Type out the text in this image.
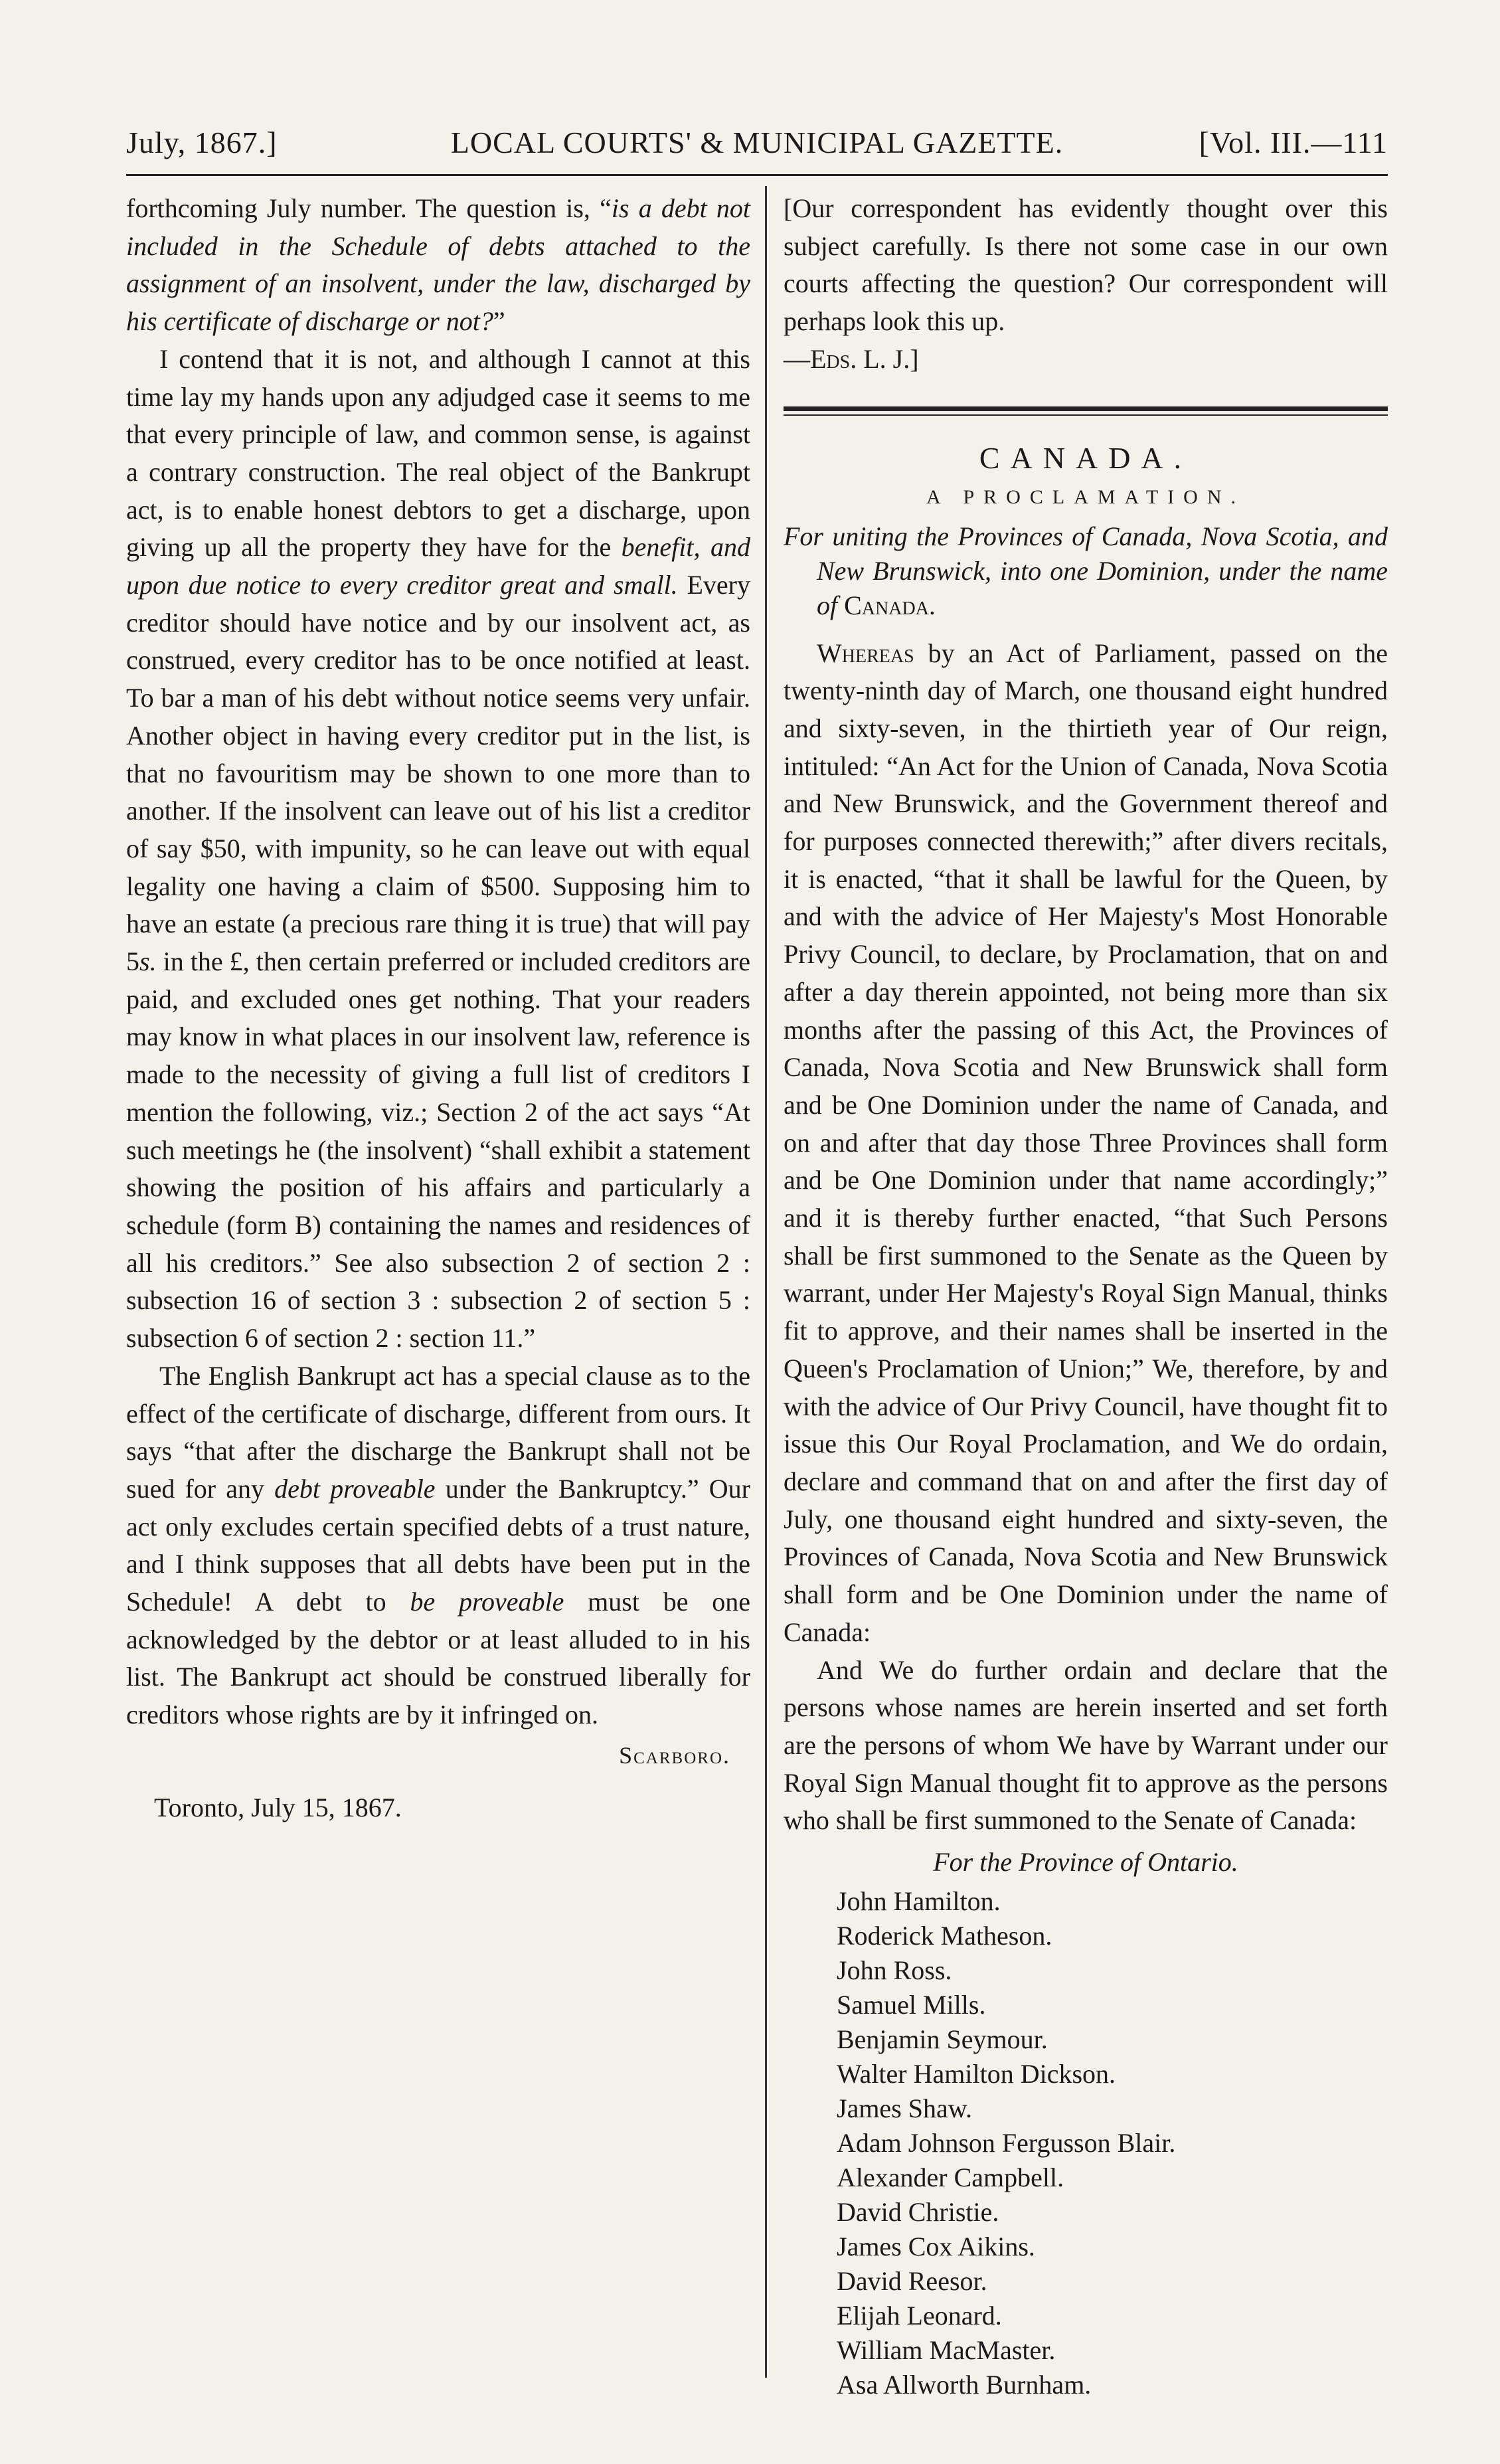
July, 1867.]	LOCAL COURTS' & MUNICIPAL GAZETTE.	[Vol. III.—111

forthcoming July number. The question is, “is a debt not included in the Schedule of debts attached to the assignment of an insolvent, under the law, discharged by his certificate of discharge or not?”

I contend that it is not, and although I cannot at this time lay my hands upon any adjudged case it seems to me that every principle of law, and common sense, is against a contrary construction. The real object of the Bankrupt act, is to enable honest debtors to get a discharge, upon giving up all the property they have for the benefit, and upon due notice to every creditor great and small. Every creditor should have notice and by our insolvent act, as construed, every creditor has to be once notified at least. To bar a man of his debt without notice seems very unfair. Another object in having every creditor put in the list, is that no favouritism may be shown to one more than to another. If the insolvent can leave out of his list a creditor of say $50, with impunity, so he can leave out with equal legality one having a claim of $500. Supposing him to have an estate (a precious rare thing it is true) that will pay 5s. in the £, then certain preferred or included creditors are paid, and excluded ones get nothing. That your readers may know in what places in our insolvent law, reference is made to the necessity of giving a full list of creditors I mention the following, viz.; Section 2 of the act says “At such meetings he (the insolvent) “shall exhibit a statement showing the position of his affairs and particularly a schedule (form B) containing the names and residences of all his creditors.” See also subsection 2 of section 2 : subsection 16 of section 3 : subsection 2 of section 5 : subsection 6 of section 2 : section 11.”

The English Bankrupt act has a special clause as to the effect of the certificate of discharge, different from ours. It says “that after the discharge the Bankrupt shall not be sued for any debt proveable under the Bankruptcy.” Our act only excludes certain specified debts of a trust nature, and I think supposes that all debts have been put in the Schedule! A debt to be proveable must be one acknowledged by the debtor or at least alluded to in his list. The Bankrupt act should be construed liberally for creditors whose rights are by it infringed on.

Scarboro.

Toronto, July 15, 1867.

[Our correspondent has evidently thought over this subject carefully. Is there not some case in our own courts affecting the question? Our correspondent will perhaps look this up.
—Eds. L. J.]

CANADA.

A PROCLAMATION.

For uniting the Provinces of Canada, Nova Scotia, and New Brunswick, into one Dominion, under the name of Canada.

Whereas by an Act of Parliament, passed on the twenty-ninth day of March, one thousand eight hundred and sixty-seven, in the thirtieth year of Our reign, intituled: “An Act for the Union of Canada, Nova Scotia and New Brunswick, and the Government thereof and for purposes connected therewith;” after divers recitals, it is enacted, “that it shall be lawful for the Queen, by and with the advice of Her Majesty's Most Honorable Privy Council, to declare, by Proclamation, that on and after a day therein appointed, not being more than six months after the passing of this Act, the Provinces of Canada, Nova Scotia and New Brunswick shall form and be One Dominion under the name of Canada, and on and after that day those Three Provinces shall form and be One Dominion under that name accordingly;” and it is thereby further enacted, “that Such Persons shall be first summoned to the Senate as the Queen by warrant, under Her Majesty's Royal Sign Manual, thinks fit to approve, and their names shall be inserted in the Queen's Proclamation of Union;” We, therefore, by and with the advice of Our Privy Council, have thought fit to issue this Our Royal Proclamation, and We do ordain, declare and command that on and after the first day of July, one thousand eight hundred and sixty-seven, the Provinces of Canada, Nova Scotia and New Brunswick shall form and be One Dominion under the name of Canada:

And We do further ordain and declare that the persons whose names are herein inserted and set forth are the persons of whom We have by Warrant under our Royal Sign Manual thought fit to approve as the persons who shall be first summoned to the Senate of Canada:

For the Province of Ontario.

John Hamilton.
Roderick Matheson.
John Ross.
Samuel Mills.
Benjamin Seymour.
Walter Hamilton Dickson.
James Shaw.
Adam Johnson Fergusson Blair.
Alexander Campbell.
David Christie.
James Cox Aikins.
David Reesor.
Elijah Leonard.
William MacMaster.
Asa Allworth Burnham.
